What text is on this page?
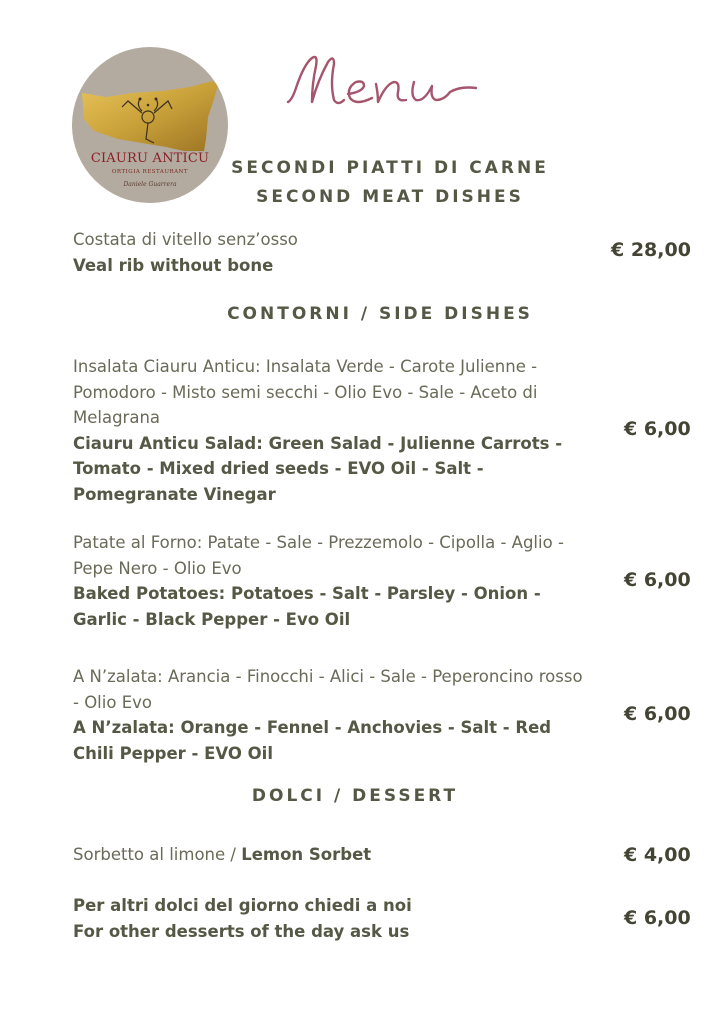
CIAURU ANTICU
ORTIGIA RESTAURANT
Daniele Guarrera
SECONDI PIATTI DI CARNE
SECOND MEAT DISHES
Costata di vitello senz’osso
Veal rib without bone
€ 28,00
CONTORNI / SIDE DISHES
Insalata Ciauru Anticu: Insalata Verde - Carote Julienne - Pomodoro - Misto semi secchi - Olio Evo - Sale - Aceto di Melagrana
Ciauru Anticu Salad: Green Salad - Julienne Carrots - Tomato - Mixed dried seeds - EVO Oil - Salt - Pomegranate Vinegar
€ 6,00
Patate al Forno: Patate - Sale - Prezzemolo - Cipolla - Aglio - Pepe Nero - Olio Evo
Baked Potatoes: Potatoes - Salt - Parsley - Onion - Garlic - Black Pepper - Evo Oil
€ 6,00
A N’zalata: Arancia - Finocchi - Alici - Sale - Peperoncino rosso - Olio Evo
A N’zalata: Orange - Fennel - Anchovies - Salt - Red Chili Pepper - EVO Oil
€ 6,00
DOLCI / DESSERT
Sorbetto al limone / Lemon Sorbet	€ 4,00
Per altri dolci del giorno chiedi a noi
For other desserts of the day ask us
€ 6,00
